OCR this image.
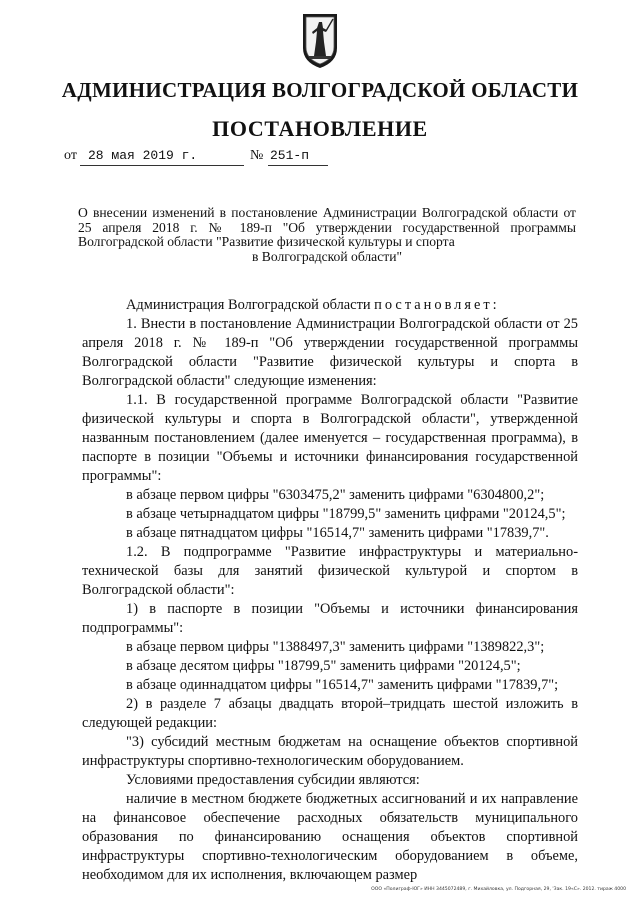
АДМИНИСТРАЦИЯ ВОЛГОГРАДСКОЙ ОБЛАСТИ
ПОСТАНОВЛЕНИЕ
от 28 мая 2019 г.	№ 251-п
О внесении изменений в постановление Администрации Волгоградской области от 25 апреля 2018 г. № 189-п "Об утверждении государственной программы Волгоградской области "Развитие физической культуры и спорта
в Волгоградской области"

Администрация Волгоградской области постановляет:

1. Внести в постановление Администрации Волгоградской области от 25 апреля 2018 г. № 189-п "Об утверждении государственной программы Волгоградской области "Развитие физической культуры и спорта в Волгоградской области" следующие изменения:

1.1. В государственной программе Волгоградской области "Развитие физической культуры и спорта в Волгоградской области", утвержденной названным постановлением (далее именуется – государственная программа), в паспорте в позиции "Объемы и источники финансирования государственной программы":

в абзаце первом цифры "6303475,2" заменить цифрами "6304800,2";

в абзаце четырнадцатом цифры "18799,5" заменить цифрами "20124,5";

в абзаце пятнадцатом цифры "16514,7" заменить цифрами "17839,7".

1.2. В подпрограмме "Развитие инфраструктуры и материально-технической базы для занятий физической культурой и спортом в Волгоградской области":

1) в паспорте в позиции "Объемы и источники финансирования подпрограммы":

в абзаце первом цифры "1388497,3" заменить цифрами "1389822,3";

в абзаце десятом цифры "18799,5" заменить цифрами "20124,5";

в абзаце одиннадцатом цифры "16514,7" заменить цифрами "17839,7";

2) в разделе 7 абзацы двадцать второй–тридцать шестой изложить в следующей редакции:

"3) субсидий местным бюджетам на оснащение объектов спортивной инфраструктуры спортивно-технологическим оборудованием.

Условиями предоставления субсидии являются:

наличие в местном бюджете бюджетных ассигнований и их направление на финансовое обеспечение расходных обязательств муниципального образования по финансированию оснащения объектов спортивной инфраструктуры спортивно-технологическим оборудованием в объеме, необходимом для их исполнения, включающем размер

ООО «Полиграф-ЮГ» ИНН 3445072489, г. Михайловка, ул. Подгорная, 29, 'Зак. 19«С». 2012. тираж 4000
